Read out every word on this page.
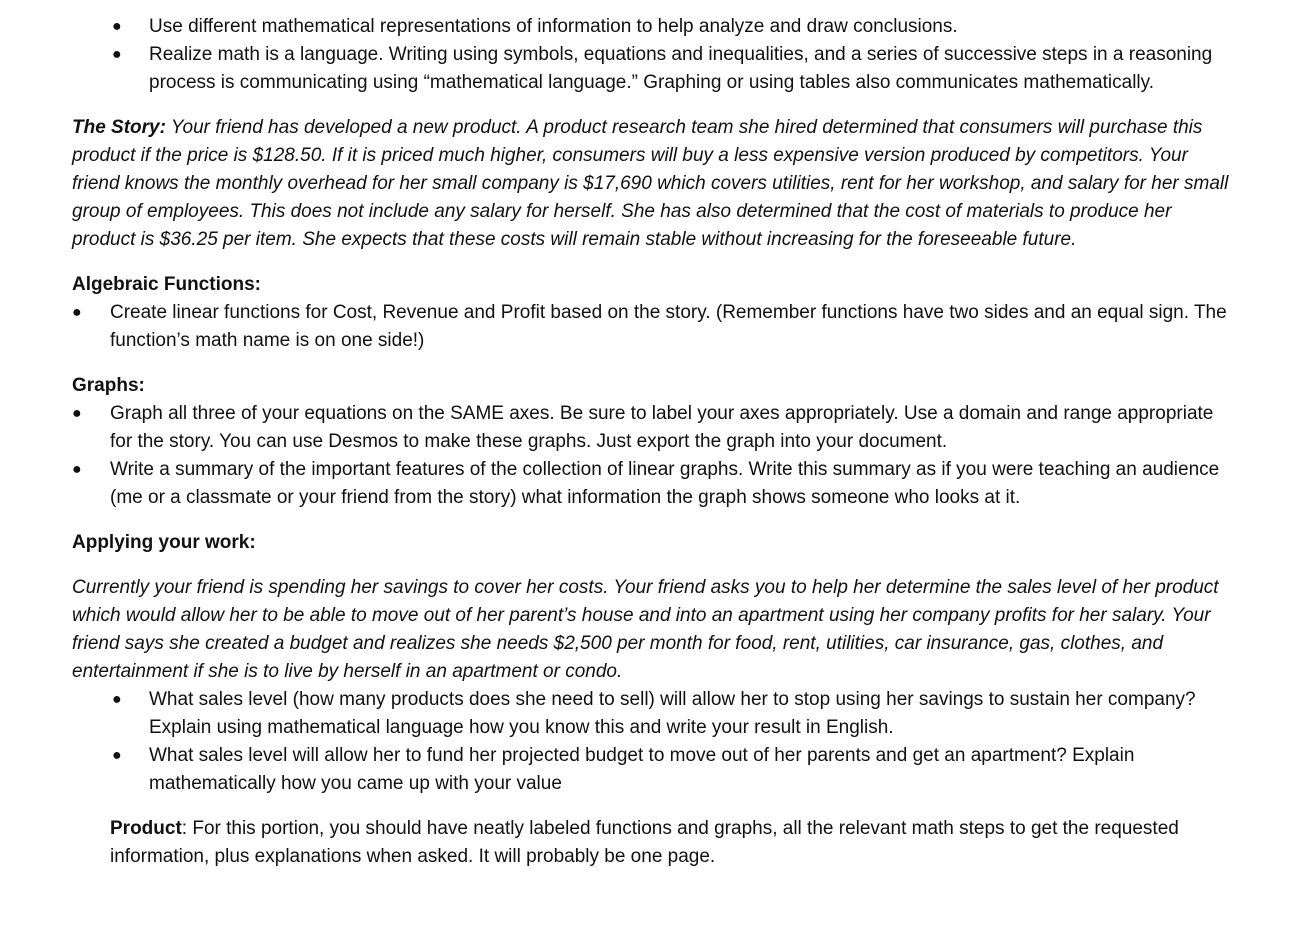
● Use different mathematical representations of information to help analyze and draw conclusions.
● Realize math is a language. Writing using symbols, equations and inequalities, and a series of successive steps in a reasoning process is communicating using “mathematical language.” Graphing or using tables also communicates mathematically.

The Story: Your friend has developed a new product. A product research team she hired determined that consumers will purchase this product if the price is $128.50. If it is priced much higher, consumers will buy a less expensive version produced by competitors. Your friend knows the monthly overhead for her small company is $17,690 which covers utilities, rent for her workshop, and salary for her small group of employees. This does not include any salary for herself. She has also determined that the cost of materials to produce her product is $36.25 per item. She expects that these costs will remain stable without increasing for the foreseeable future.

Algebraic Functions:
● Create linear functions for Cost, Revenue and Profit based on the story. (Remember functions have two sides and an equal sign. The function’s math name is on one side!)
Graphs:
● Graph all three of your equations on the SAME axes. Be sure to label your axes appropriately. Use a domain and range appropriate for the story. You can use Desmos to make these graphs. Just export the graph into your document.
● Write a summary of the important features of the collection of linear graphs. Write this summary as if you were teaching an audience (me or a classmate or your friend from the story) what information the graph shows someone who looks at it.
Applying your work:

Currently your friend is spending her savings to cover her costs. Your friend asks you to help her determine the sales level of her product which would allow her to be able to move out of her parent’s house and into an apartment using her company profits for her salary. Your friend says she created a budget and realizes she needs $2,500 per month for food, rent, utilities, car insurance, gas, clothes, and entertainment if she is to live by herself in an apartment or condo.

● What sales level (how many products does she need to sell) will allow her to stop using her savings to sustain her company? Explain using mathematical language how you know this and write your result in English.
● What sales level will allow her to fund her projected budget to move out of her parents and get an apartment? Explain mathematically how you came up with your value

Product: For this portion, you should have neatly labeled functions and graphs, all the relevant math steps to get the requested information, plus explanations when asked. It will probably be one page.
